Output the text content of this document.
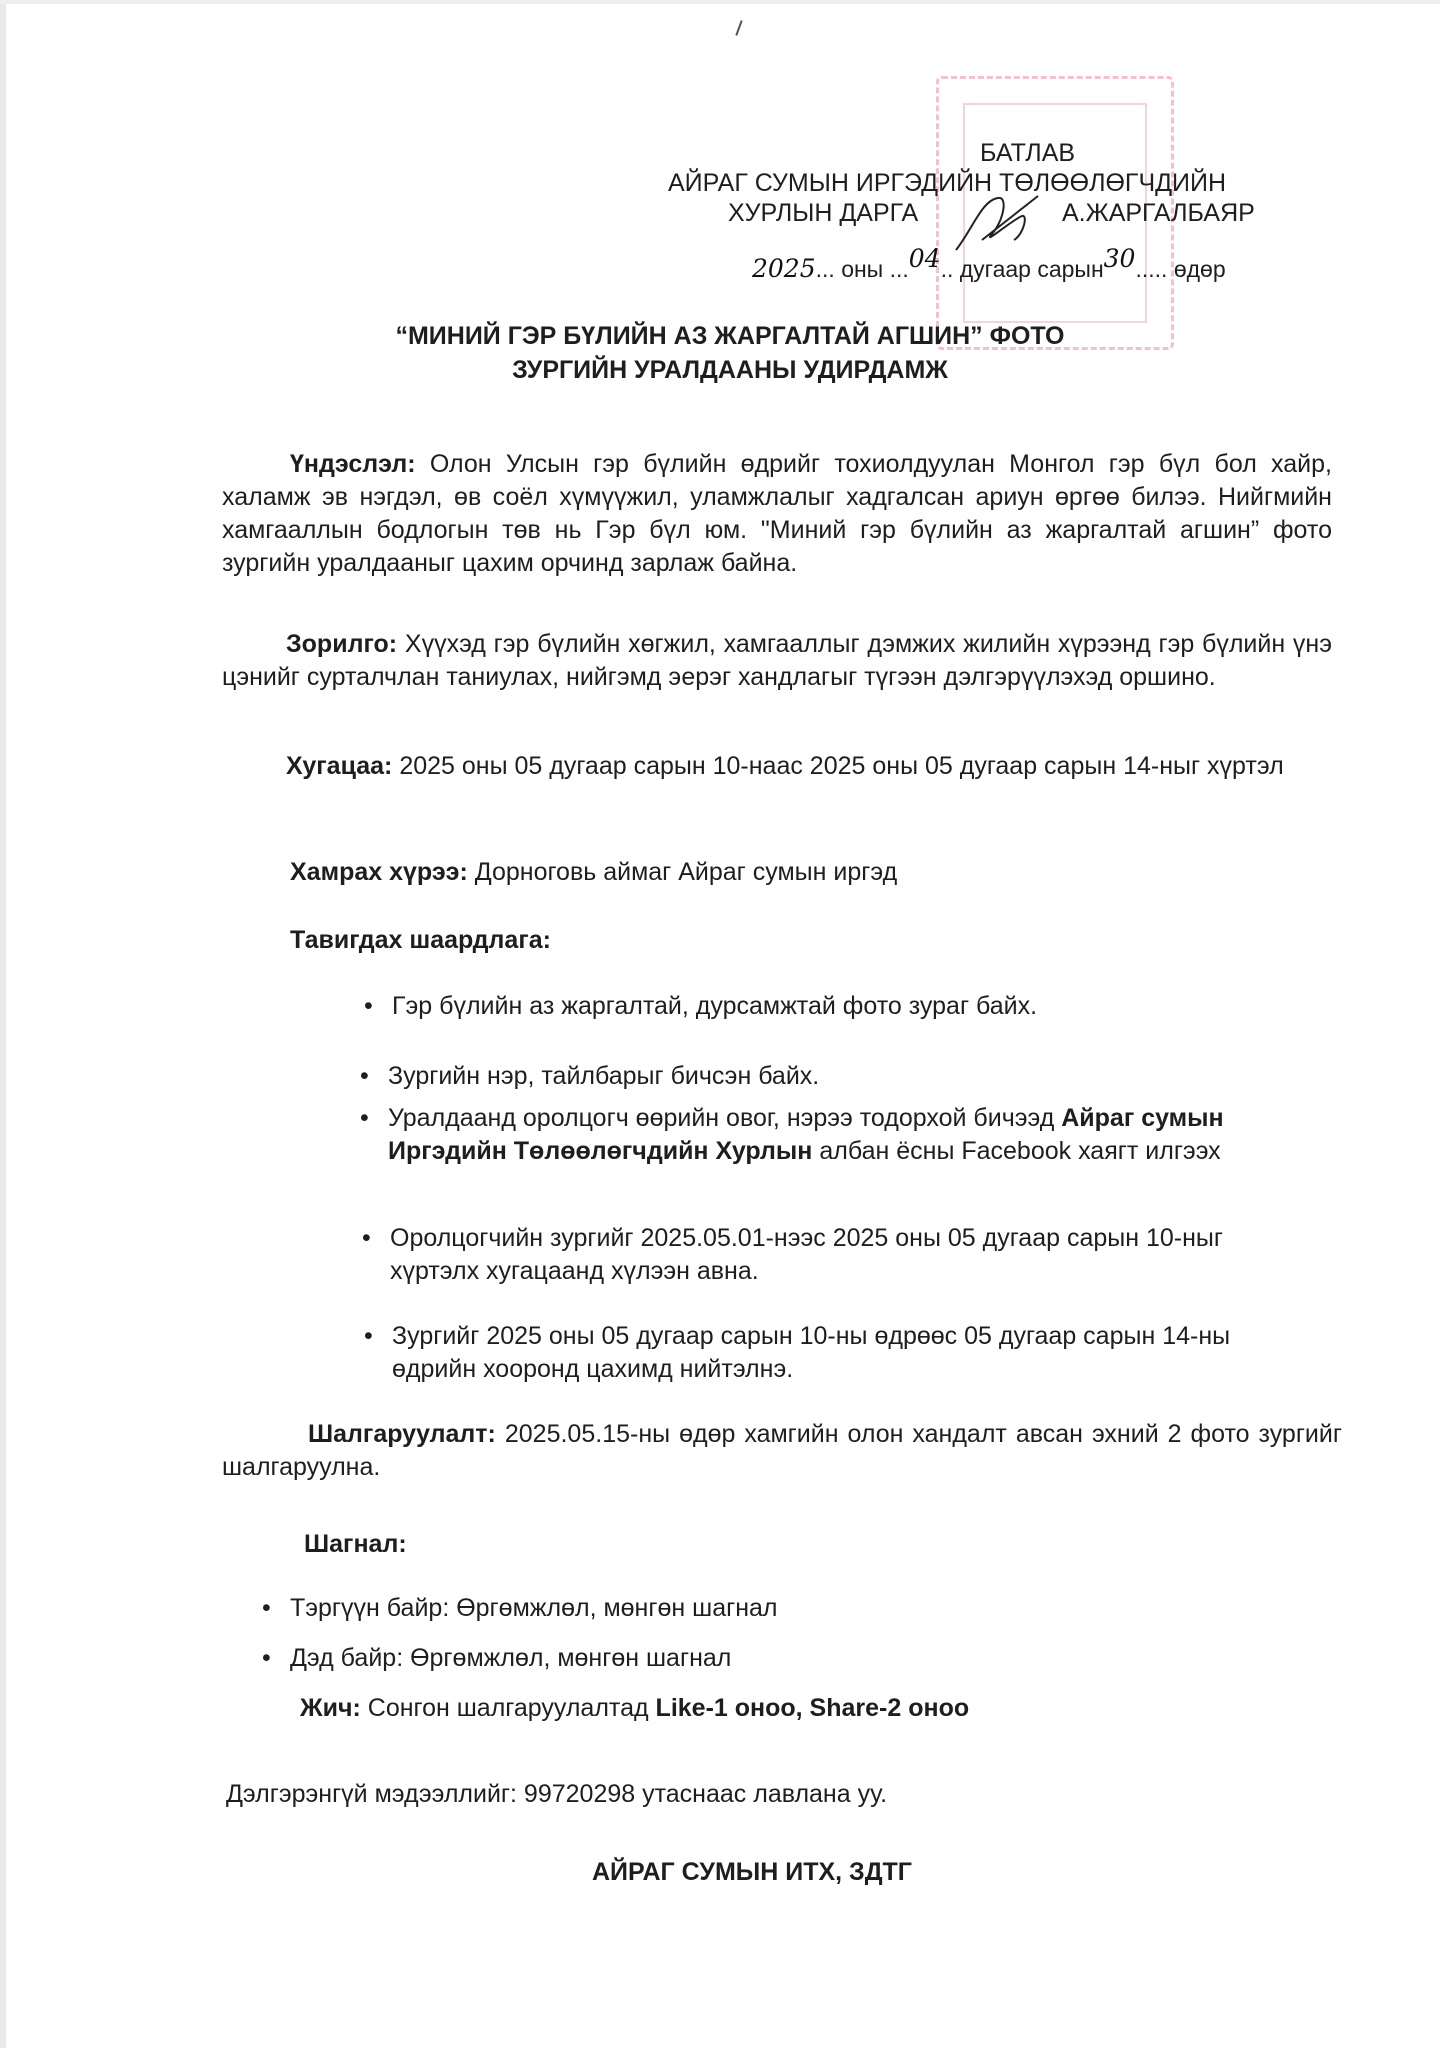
БАТЛАВ
АЙРАГ СУМЫН ИРГЭДИЙН ТӨЛӨӨЛӨГЧДИЙН
ХУРЛЫН ДАРГА	А.ЖАРГАЛБАЯР
2025... оны ...04.. дугаар сарын30..... өдөр
“МИНИЙ ГЭР БҮЛИЙН АЗ ЖАРГАЛТАЙ АГШИН” ФОТО
ЗУРГИЙН УРАЛДААНЫ УДИРДАМЖ
Үндэслэл: Олон Улсын гэр бүлийн өдрийг тохиолдуулан Монгол гэр бүл бол хайр, халамж эв нэгдэл, өв соёл хүмүүжил, уламжлалыг хадгалсан ариун өргөө билээ. Нийгмийн хамгааллын бодлогын төв нь Гэр бүл юм. "Миний гэр бүлийн аз жаргалтай агшин” фото зургийн уралдааныг цахим орчинд зарлаж байна.
Зорилго: Хүүхэд гэр бүлийн хөгжил, хамгааллыг дэмжих жилийн хүрээнд гэр бүлийн үнэ цэнийг сурталчлан таниулах, нийгэмд эерэг хандлагыг түгээн дэлгэрүүлэхэд оршино.
Хугацаа: 2025 оны 05 дугаар сарын 10-наас 2025 оны 05 дугаар сарын 14-ныг хүртэл
Хамрах хүрээ: Дорноговь аймаг Айраг сумын иргэд
Тавигдах шаардлага:
• Гэр бүлийн аз жаргалтай, дурсамжтай фото зураг байх.
• Зургийн нэр, тайлбарыг бичсэн байх.
• Уралдаанд оролцогч өөрийн овог, нэрээ тодорхой бичээд Айраг сумын Иргэдийн Төлөөлөгчдийн Хурлын албан ёсны Facebook хаягт илгээх
• Оролцогчийн зургийг 2025.05.01-нээс 2025 оны 05 дугаар сарын 10-ныг хүртэлх хугацаанд хүлээн авна.
• Зургийг 2025 оны 05 дугаар сарын 10-ны өдрөөс 05 дугаар сарын 14-ны өдрийн хооронд цахимд нийтэлнэ.
Шалгаруулалт: 2025.05.15-ны өдөр хамгийн олон хандалт авсан эхний 2 фото зургийг шалгаруулна.
Шагнал:
• Тэргүүн байр: Өргөмжлөл, мөнгөн шагнал
• Дэд байр: Өргөмжлөл, мөнгөн шагнал
Жич: Сонгон шалгаруулалтад Like-1 оноо, Share-2 оноо
Дэлгэрэнгүй мэдээллийг: 99720298 утаснаас лавлана уу.
АЙРАГ СУМЫН ИТХ, ЗДТГ
